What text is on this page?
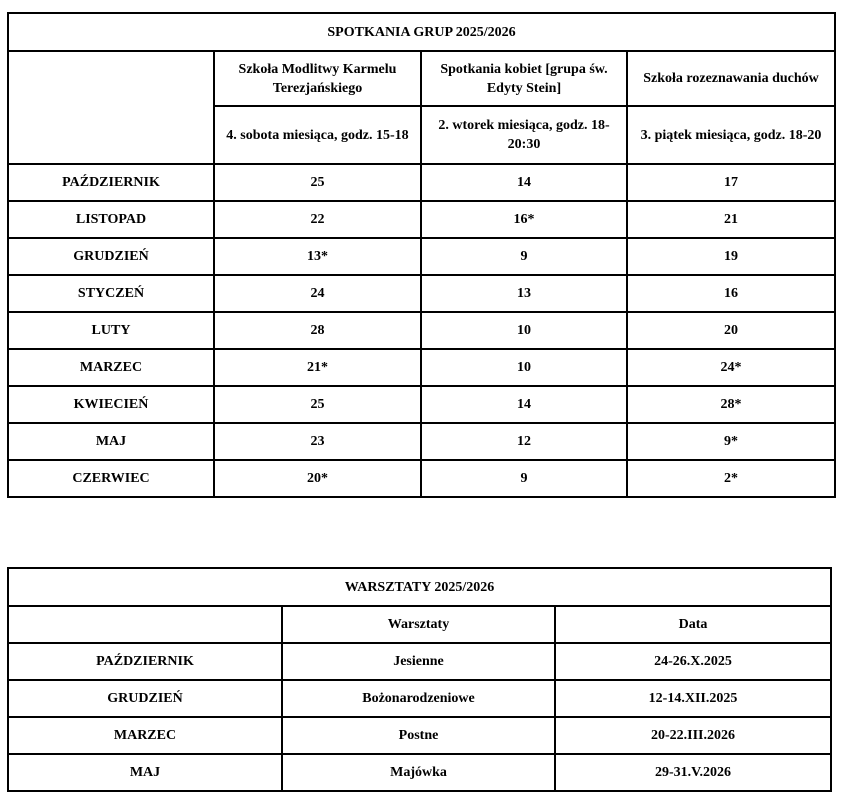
SPOTKANIA GRUP 2025/2026			
	Szkoła Modlitwy Karmelu Terezjańskiego	Spotkania kobiet [grupa św. Edyty Stein]	Szkoła rozeznawania duchów
	4. sobota miesiąca, godz. 15-18	2. wtorek miesiąca, godz. 18-20:30	3. piątek miesiąca, godz. 18-20
PAŹDZIERNIK	25	14	17
LISTOPAD	22	16*	21
GRUDZIEŃ	13*	9	19
STYCZEŃ	24	13	16
LUTY	28	10	20
MARZEC	21*	10	24*
KWIECIEŃ	25	14	28*
MAJ	23	12	9*
CZERWIEC	20*	9	2*
WARSZTATY 2025/2026		
	Warsztaty	Data
PAŹDZIERNIK	Jesienne	24-26.X.2025
GRUDZIEŃ	Bożonarodzeniowe	12-14.XII.2025
MARZEC	Postne	20-22.III.2026
MAJ	Majówka	29-31.V.2026
